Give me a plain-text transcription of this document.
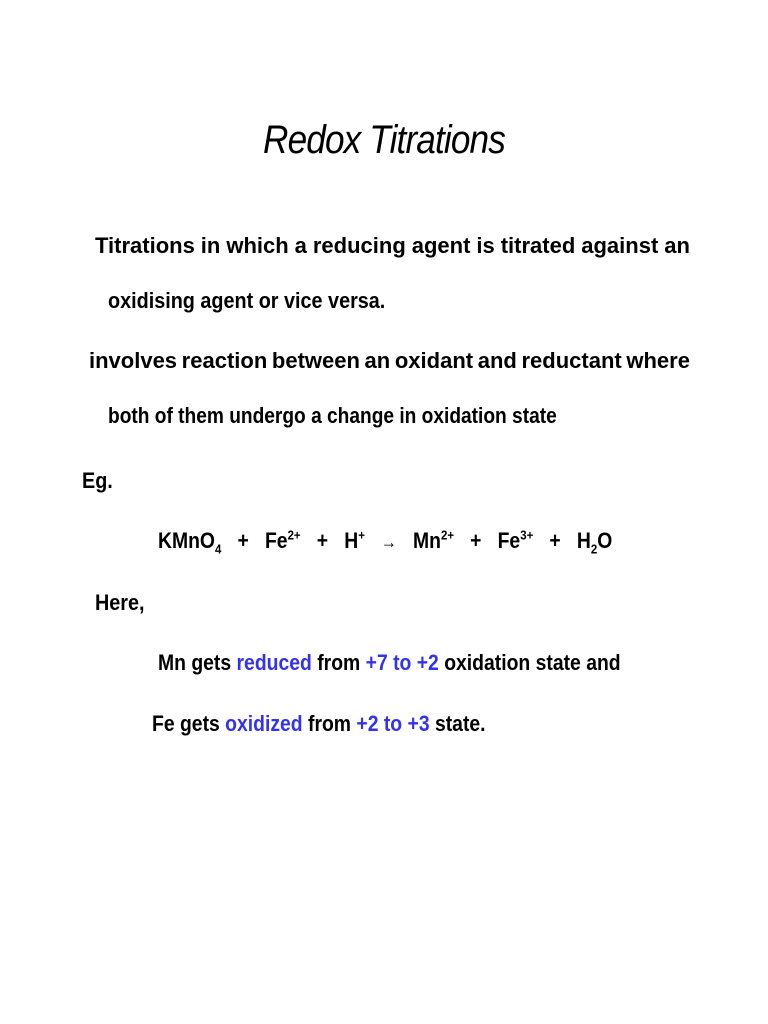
Redox Titrations
Titrations in which a reducing agent is titrated against an

oxidising agent or vice versa.

involves reaction between an oxidant and reductant where

both of them undergo a change in oxidation state

Eg.

KMnO$_4$ + $Fe^{2+} + H^+ \to Mn^{2+} + Fe^{3+} + H_2O$

Here,

Mn gets reduced from +7 to +2 oxidation state and

Fe gets oxidized from +2 to +3 state.
